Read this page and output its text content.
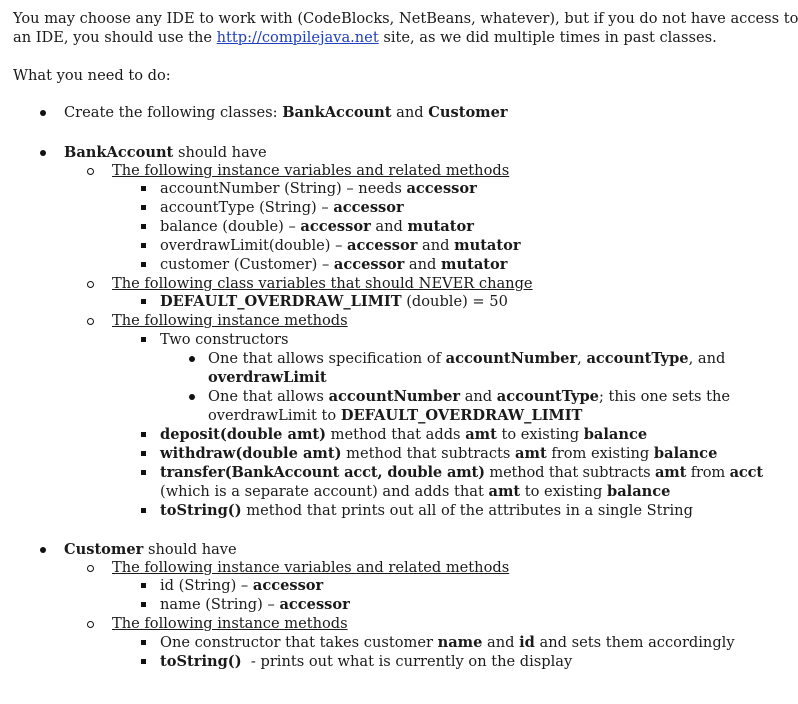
You may choose any IDE to work with (CodeBlocks, NetBeans, whatever), but if you do not have access to
an IDE, you should use the http://compilejava.net site, as we did multiple times in past classes.
What you need to do:
Create the following classes: BankAccount and Customer
BankAccount should have
The following instance variables and related methods
accountNumber (String) – needs accessor
accountType (String) – accessor
balance (double) – accessor and mutator
overdrawLimit(double) – accessor and mutator
customer (Customer) – accessor and mutator
The following class variables that should NEVER change
DEFAULT_OVERDRAW_LIMIT (double) = 50
The following instance methods
Two constructors
One that allows specification of accountNumber, accountType, and
overdrawLimit
One that allows accountNumber and accountType; this one sets the
overdrawLimit to DEFAULT_OVERDRAW_LIMIT
deposit(double amt) method that adds amt to existing balance
withdraw(double amt) method that subtracts amt from existing balance
transfer(BankAccount acct, double amt) method that subtracts amt from acct
(which is a separate account) and adds that amt to existing balance
toString() method that prints out all of the attributes in a single String
Customer should have
The following instance variables and related methods
id (String) – accessor
name (String) – accessor
The following instance methods
One constructor that takes customer name and id and sets them accordingly
toString()  - prints out what is currently on the display
